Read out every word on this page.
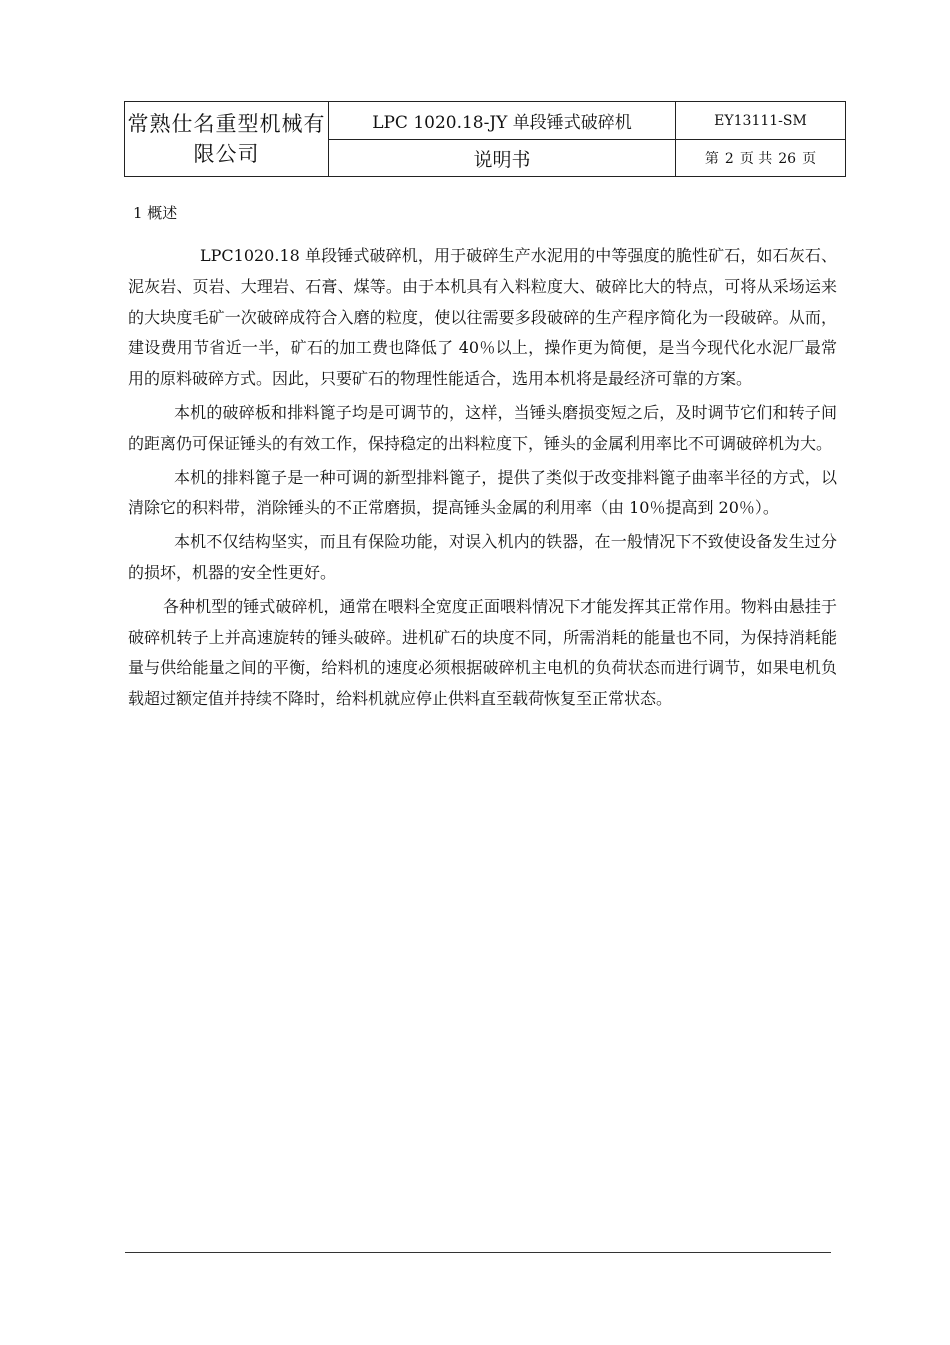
常熟仕名重型机械有限公司	LPC 1020.18-JY 单段锤式破碎机	EY13111-SM
	说明书	第 2 页 共 26 页
1 概述

LPC1020.18 单段锤式破碎机，用于破碎生产水泥用的中等强度的脆性矿石，如石灰石、泥灰岩、页岩、大理岩、石膏、煤等。由于本机具有入料粒度大、破碎比大的特点，可将从采场运来的大块度毛矿一次破碎成符合入磨的粒度，使以往需要多段破碎的生产程序简化为一段破碎。从而，建设费用节省近一半，矿石的加工费也降低了 40％以上，操作更为简便，是当今现代化水泥厂最常用的原料破碎方式。因此，只要矿石的物理性能适合，选用本机将是最经济可靠的方案。

本机的破碎板和排料篦子均是可调节的，这样，当锤头磨损变短之后，及时调节它们和转子间的距离仍可保证锤头的有效工作，保持稳定的出料粒度下，锤头的金属利用率比不可调破碎机为大。

本机的排料篦子是一种可调的新型排料篦子，提供了类似于改变排料篦子曲率半径的方式，以清除它的积料带，消除锤头的不正常磨损，提高锤头金属的利用率（由 10％提高到 20％）。

本机不仅结构坚实，而且有保险功能，对误入机内的铁器，在一般情况下不致使设备发生过分的损坏，机器的安全性更好。

各种机型的锤式破碎机，通常在喂料全宽度正面喂料情况下才能发挥其正常作用。物料由悬挂于破碎机转子上并高速旋转的锤头破碎。进机矿石的块度不同，所需消耗的能量也不同，为保持消耗能量与供给能量之间的平衡，给料机的速度必须根据破碎机主电机的负荷状态而进行调节，如果电机负载超过额定值并持续不降时，给料机就应停止供料直至载荷恢复至正常状态。
